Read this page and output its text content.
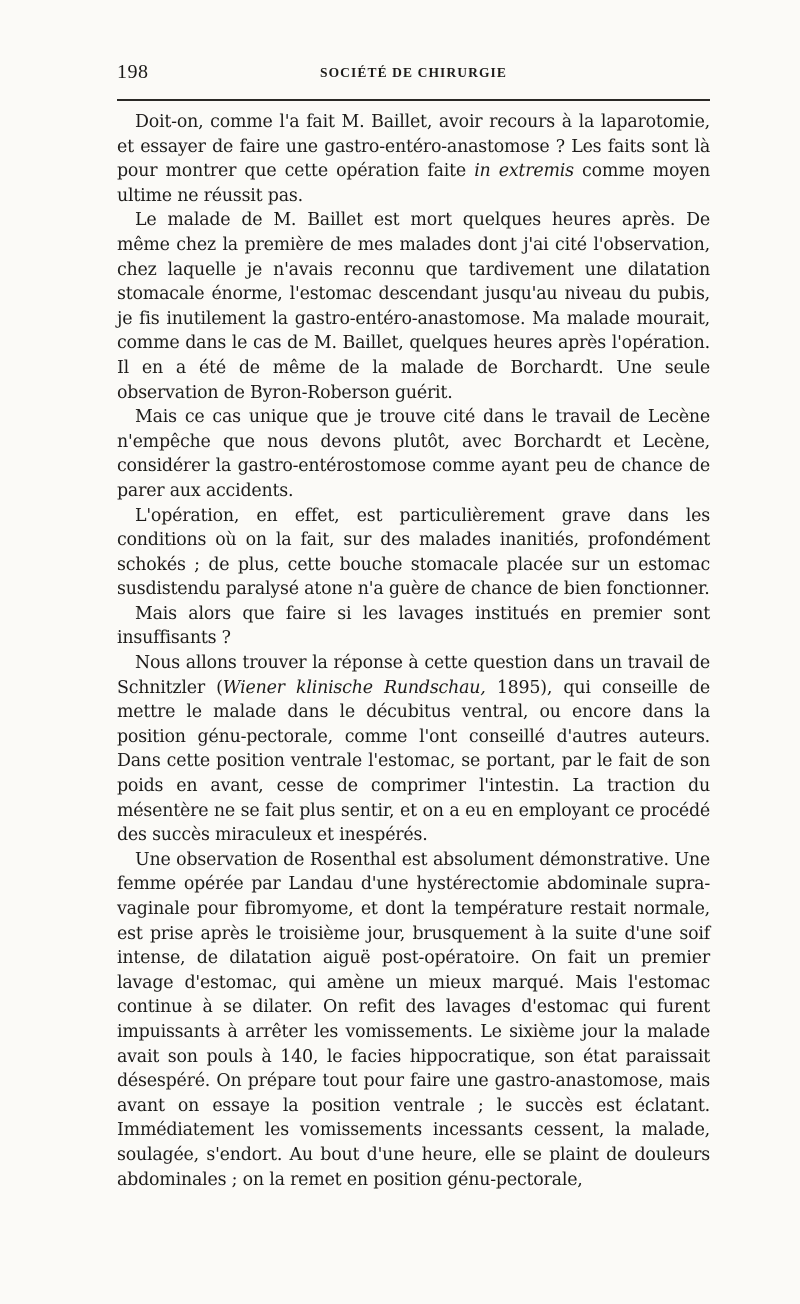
198	SOCIÉTÉ DE CHIRURGIE

Doit-on, comme l'a fait M. Baillet, avoir recours à la laparotomie, et essayer de faire une gastro-entéro-anastomose ? Les faits sont là pour montrer que cette opération faite in extremis comme moyen ultime ne réussit pas.

Le malade de M. Baillet est mort quelques heures après. De même chez la première de mes malades dont j'ai cité l'observation, chez laquelle je n'avais reconnu que tardivement une dilatation stomacale énorme, l'estomac descendant jusqu'au niveau du pubis, je fis inutilement la gastro-entéro-anastomose. Ma malade mourait, comme dans le cas de M. Baillet, quelques heures après l'opération. Il en a été de même de la malade de Borchardt. Une seule observation de Byron-Roberson guérit.

Mais ce cas unique que je trouve cité dans le travail de Lecène n'empêche que nous devons plutôt, avec Borchardt et Lecène, considérer la gastro-entérostomose comme ayant peu de chance de parer aux accidents.

L'opération, en effet, est particulièrement grave dans les conditions où on la fait, sur des malades inanitiés, profondément schokés ; de plus, cette bouche stomacale placée sur un estomac susdistendu paralysé atone n'a guère de chance de bien fonctionner.

Mais alors que faire si les lavages institués en premier sont insuffisants ?

Nous allons trouver la réponse à cette question dans un travail de Schnitzler (Wiener klinische Rundschau, 1895), qui conseille de mettre le malade dans le décubitus ventral, ou encore dans la position génu-pectorale, comme l'ont conseillé d'autres auteurs. Dans cette position ventrale l'estomac, se portant, par le fait de son poids en avant, cesse de comprimer l'intestin. La traction du mésentère ne se fait plus sentir, et on a eu en employant ce procédé des succès miraculeux et inespérés.

Une observation de Rosenthal est absolument démonstrative. Une femme opérée par Landau d'une hystérectomie abdominale supra-vaginale pour fibromyome, et dont la température restait normale, est prise après le troisième jour, brusquement à la suite d'une soif intense, de dilatation aiguë post-opératoire. On fait un premier lavage d'estomac, qui amène un mieux marqué. Mais l'estomac continue à se dilater. On refit des lavages d'estomac qui furent impuissants à arrêter les vomissements. Le sixième jour la malade avait son pouls à 140, le facies hippocratique, son état paraissait désespéré. On prépare tout pour faire une gastro-anastomose, mais avant on essaye la position ventrale ; le succès est éclatant. Immédiatement les vomissements incessants cessent, la malade, soulagée, s'endort. Au bout d'une heure, elle se plaint de douleurs abdominales ; on la remet en position génu-pectorale,
